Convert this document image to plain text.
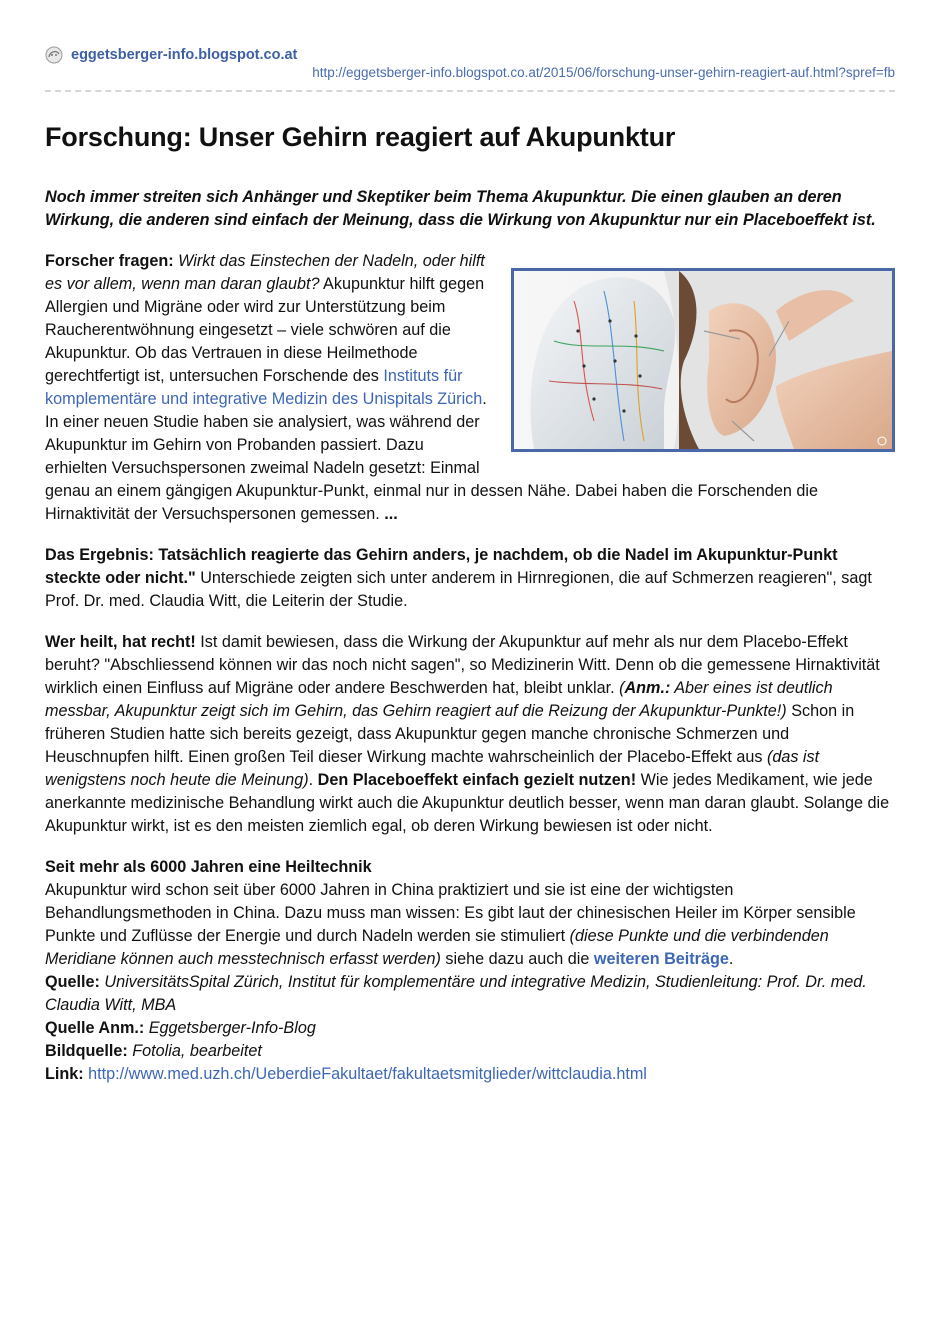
eggetsberger-info.blogspot.co.at
http://eggetsberger-info.blogspot.co.at/2015/06/forschung-unser-gehirn-reagiert-auf.html?spref=fb
Forschung: Unser Gehirn reagiert auf Akupunktur

Noch immer streiten sich Anhänger und Skeptiker beim Thema Akupunktur. Die einen glauben an deren Wirkung, die anderen sind einfach der Meinung, dass die Wirkung von Akupunktur nur ein Placeboeffekt ist.

Forscher fragen: Wirkt das Einstechen der Nadeln, oder hilft es vor allem, wenn man daran glaubt? Akupunktur hilft gegen Allergien und Migräne oder wird zur Unterstützung beim Raucherentwöhnung eingesetzt – viele schwören auf die Akupunktur. Ob das Vertrauen in diese Heilmethode gerechtfertigt ist, untersuchen Forschende des Instituts für komplementäre und integrative Medizin des Unispitals Zürich. In einer neuen Studie haben sie analysiert, was während der Akupunktur im Gehirn von Probanden passiert. Dazu erhielten Versuchspersonen zweimal Nadeln gesetzt: Einmal genau an einem gängigen Akupunktur-Punkt, einmal nur in dessen Nähe. Dabei haben die Forschenden die Hirnaktivität der Versuchspersonen gemessen. ...

Das Ergebnis: Tatsächlich reagierte das Gehirn anders, je nachdem, ob die Nadel im Akupunktur-Punkt steckte oder nicht." Unterschiede zeigten sich unter anderem in Hirnregionen, die auf Schmerzen reagieren", sagt Prof. Dr. med. Claudia Witt, die Leiterin der Studie.

Wer heilt, hat recht! Ist damit bewiesen, dass die Wirkung der Akupunktur auf mehr als nur dem Placebo-Effekt beruht? "Abschliessend können wir das noch nicht sagen", so Medizinerin Witt. Denn ob die gemessene Hirnaktivität wirklich einen Einfluss auf Migräne oder andere Beschwerden hat, bleibt unklar. (Anm.: Aber eines ist deutlich messbar, Akupunktur zeigt sich im Gehirn, das Gehirn reagiert auf die Reizung der Akupunktur-Punkte!) Schon in früheren Studien hatte sich bereits gezeigt, dass Akupunktur gegen manche chronische Schmerzen und Heuschnupfen hilft. Einen großen Teil dieser Wirkung machte wahrscheinlich der Placebo-Effekt aus (das ist wenigstens noch heute die Meinung). Den Placeboeffekt einfach gezielt nutzen! Wie jedes Medikament, wie jede anerkannte medizinische Behandlung wirkt auch die Akupunktur deutlich besser, wenn man daran glaubt. Solange die Akupunktur wirkt, ist es den meisten ziemlich egal, ob deren Wirkung bewiesen ist oder nicht.

Seit mehr als 6000 Jahren eine Heiltechnik
Akupunktur wird schon seit über 6000 Jahren in China praktiziert und sie ist eine der wichtigsten Behandlungsmethoden in China. Dazu muss man wissen: Es gibt laut der chinesischen Heiler im Körper sensible Punkte und Zuflüsse der Energie und durch Nadeln werden sie stimuliert (diese Punkte und die verbindenden Meridiane können auch messtechnisch erfasst werden) siehe dazu auch die weiteren Beiträge.
Quelle: UniversitätsSpital Zürich, Institut für komplementäre und integrative Medizin, Studienleitung: Prof. Dr. med. Claudia Witt, MBA
Quelle Anm.: Eggetsberger-Info-Blog
Bildquelle: Fotolia, bearbeitet
Link: http://www.med.uzh.ch/UeberdieFakultaet/fakultaetsmitglieder/wittclaudia.html
